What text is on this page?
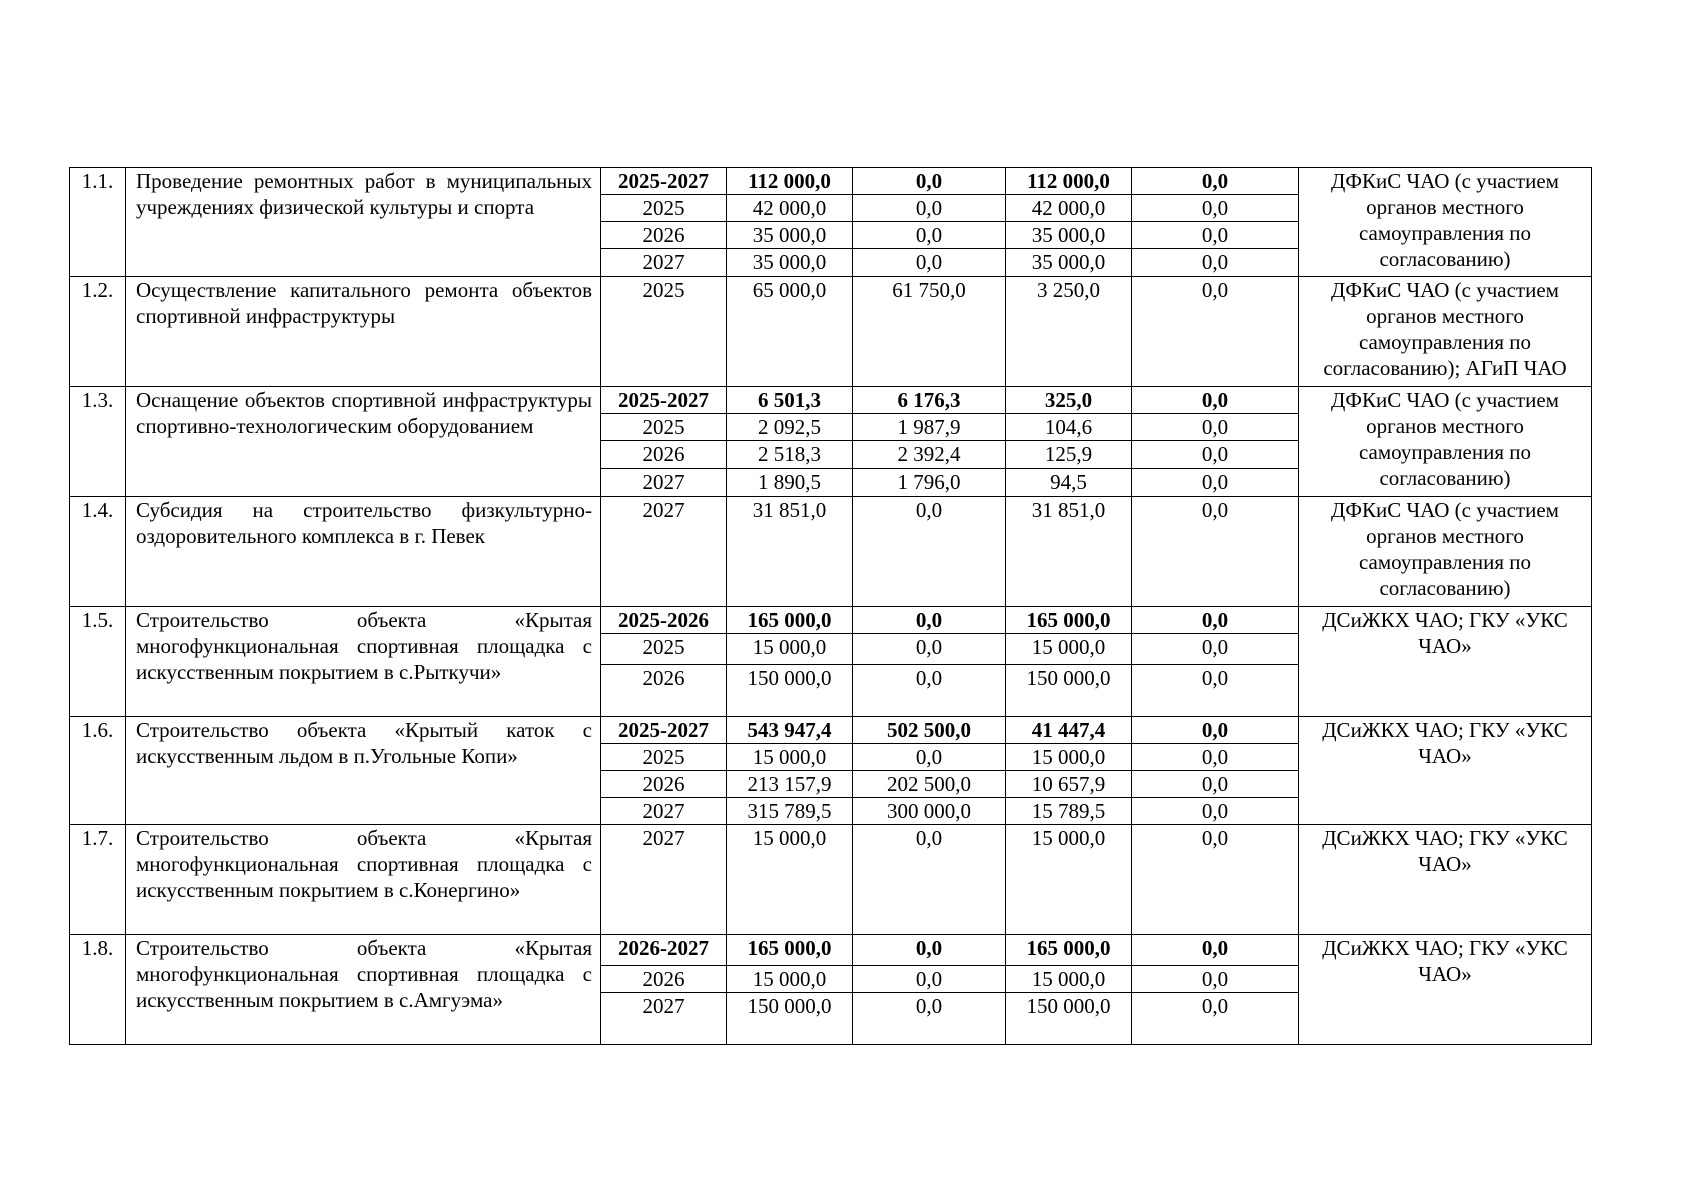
1.1.	Проведение ремонтных работ в муниципальных учреждениях физической культуры и спорта	2025-2027	112 000,0	0,0	112 000,0	0,0	ДФКиС ЧАО (с участием органов местного самоуправления по согласованию)
		2025	42 000,0	0,0	42 000,0	0,0	
		2026	35 000,0	0,0	35 000,0	0,0	
		2027	35 000,0	0,0	35 000,0	0,0	
1.2.	Осуществление капитального ремонта объектов спортивной инфраструктуры	2025	65 000,0	61 750,0	3 250,0	0,0	ДФКиС ЧАО (с участием органов местного самоуправления по согласованию); АГиП ЧАО
1.3.	Оснащение объектов спортивной инфраструктуры спортивно-технологическим оборудованием	2025-2027	6 501,3	6 176,3	325,0	0,0	ДФКиС ЧАО (с участием органов местного самоуправления по согласованию)
		2025	2 092,5	1 987,9	104,6	0,0	
		2026	2 518,3	2 392,4	125,9	0,0	
		2027	1 890,5	1 796,0	94,5	0,0	
1.4.	Субсидия на строительство физкультурно-оздоровительного комплекса в г. Певек	2027	31 851,0	0,0	31 851,0	0,0	ДФКиС ЧАО (с участием органов местного самоуправления по согласованию)
1.5.	Строительство объекта «Крытая многофункциональная спортивная площадка с искусственным покрытием в с.Рыткучи»	2025-2026	165 000,0	0,0	165 000,0	0,0	ДСиЖКХ ЧАО; ГКУ «УКС ЧАО»
		2025	15 000,0	0,0	15 000,0	0,0	
		2026	150 000,0	0,0	150 000,0	0,0	
1.6.	Строительство объекта «Крытый каток с искусственным льдом в п.Угольные Копи»	2025-2027	543 947,4	502 500,0	41 447,4	0,0	ДСиЖКХ ЧАО; ГКУ «УКС ЧАО»
		2025	15 000,0	0,0	15 000,0	0,0	
		2026	213 157,9	202 500,0	10 657,9	0,0	
		2027	315 789,5	300 000,0	15 789,5	0,0	
1.7.	Строительство объекта «Крытая многофункциональная спортивная площадка с искусственным покрытием в с.Конергино»	2027	15 000,0	0,0	15 000,0	0,0	ДСиЖКХ ЧАО; ГКУ «УКС ЧАО»
1.8.	Строительство объекта «Крытая многофункциональная спортивная площадка с искусственным покрытием в с.Амгуэма»	2026-2027	165 000,0	0,0	165 000,0	0,0	ДСиЖКХ ЧАО; ГКУ «УКС ЧАО»
		2026	15 000,0	0,0	15 000,0	0,0	
		2027	150 000,0	0,0	150 000,0	0,0	
